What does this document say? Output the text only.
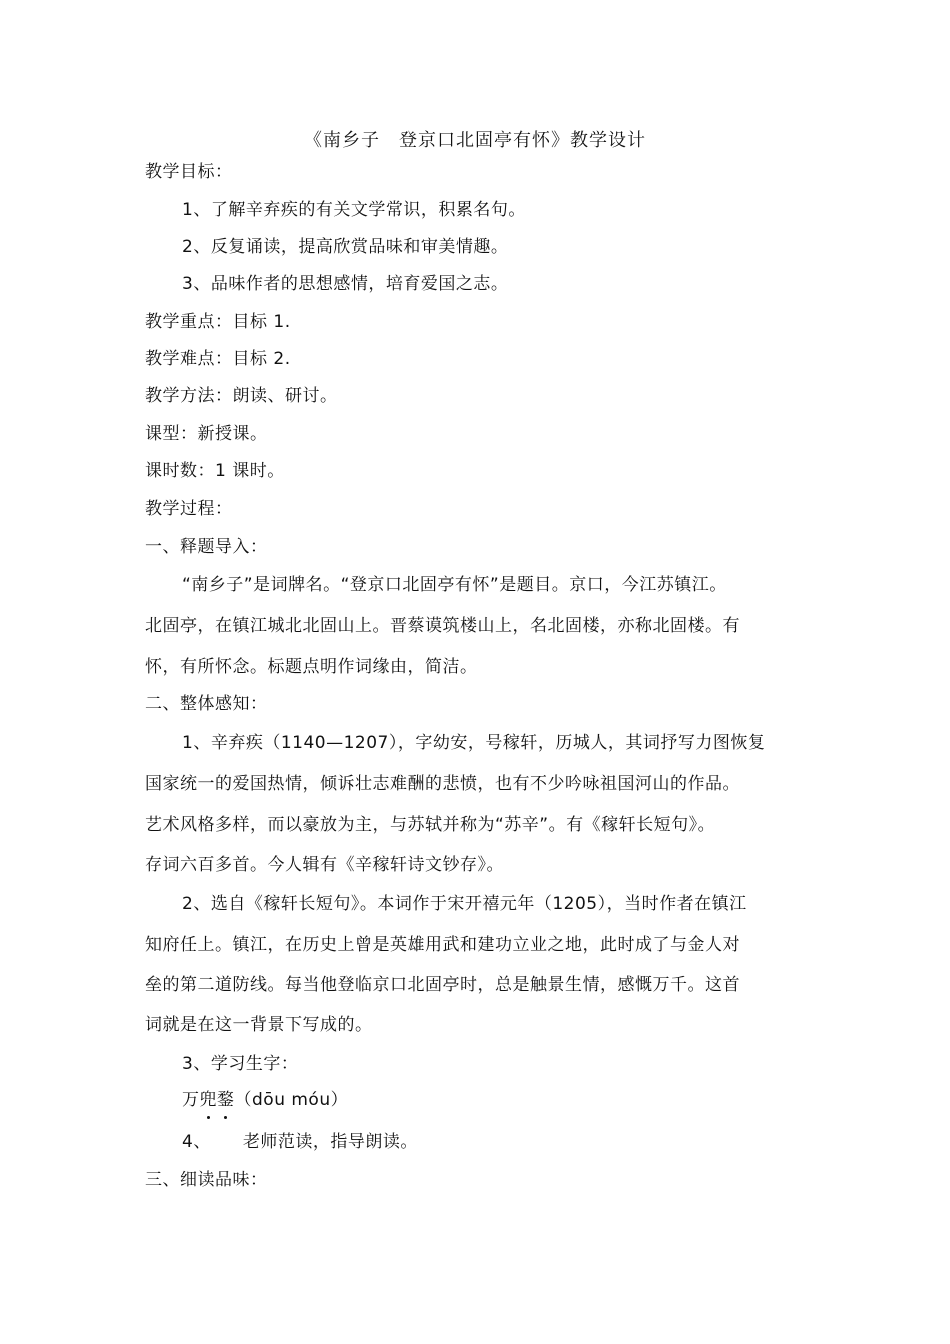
《南乡子　登京口北固亭有怀》教学设计
教学目标：
1、了解辛弃疾的有关文学常识，积累名句。
2、反复诵读，提高欣赏品味和审美情趣。
3、品味作者的思想感情，培育爱国之志。
教学重点：目标 1.
教学难点：目标 2.
教学方法：朗读、研讨。
课型：新授课。
课时数：1 课时。
教学过程：
一、释题导入：
“南乡子”是词牌名。“登京口北固亭有怀”是题目。京口，今江苏镇江。
北固亭，在镇江城北北固山上。晋蔡谟筑楼山上，名北固楼，亦称北固楼。有
怀，有所怀念。标题点明作词缘由，简洁。
二、整体感知：
1、辛弃疾（1140—1207），字幼安，号稼轩，历城人，其词抒写力图恢复
国家统一的爱国热情，倾诉壮志难酬的悲愤，也有不少吟咏祖国河山的作品。
艺术风格多样，而以豪放为主，与苏轼并称为“苏辛”。有《稼轩长短句》。
存词六百多首。今人辑有《辛稼轩诗文钞存》。
2、选自《稼轩长短句》。本词作于宋开禧元年（1205），当时作者在镇江
知府任上。镇江，在历史上曾是英雄用武和建功立业之地，此时成了与金人对
垒的第二道防线。每当他登临京口北固亭时，总是触景生情，感慨万千。这首
词就是在这一背景下写成的。
3、学习生字：
万兜鍪（dōu móu）
4、 老师范读，指导朗读。
三、细读品味：
